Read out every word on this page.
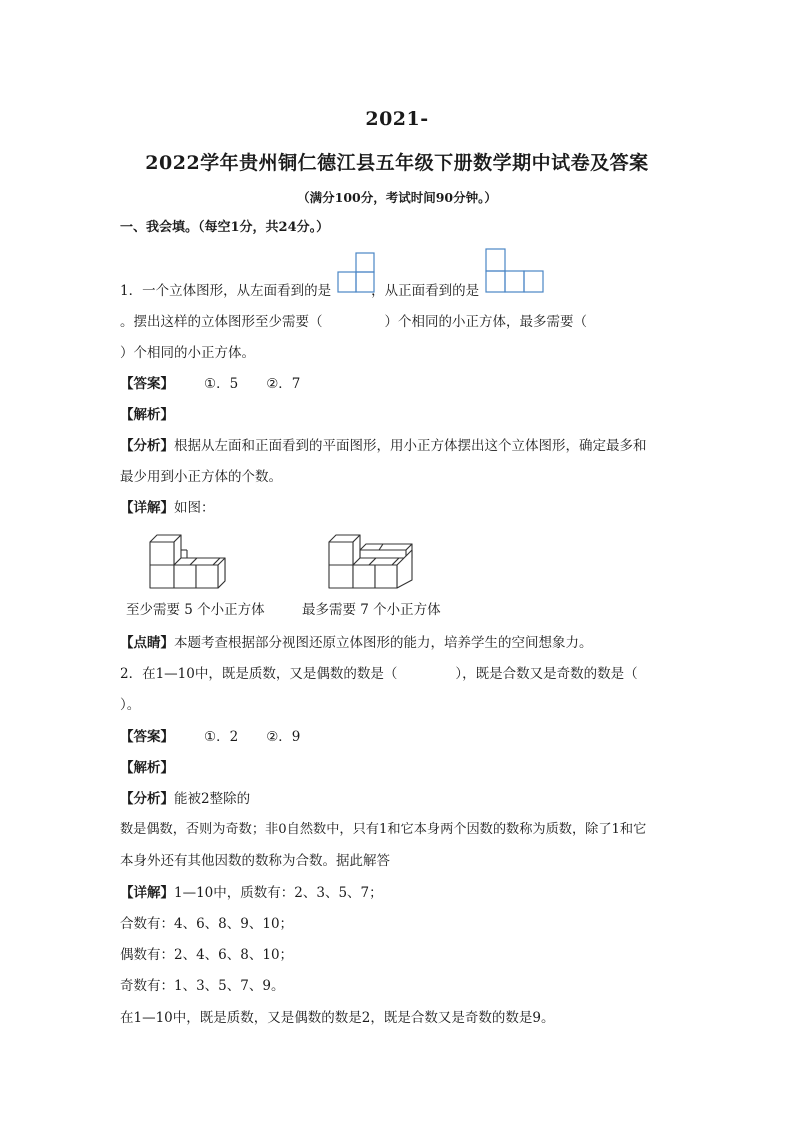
2021-
2022学年贵州铜仁德江县五年级下册数学期中试卷及答案
（满分100分，考试时间90分钟。）
一、我会填。（每空1分，共24分。）
1．一个立体图形，从左面看到的是	，从正面看到的是
。摆出这样的立体图形至少需要（	）个相同的小正方体，最多需要（
）个相同的小正方体。
【答案】 ①．5 ②．7
【解析】
【分析】根据从左面和正面看到的平面图形，用小正方体摆出这个立体图形，确定最多和
最少用到小正方体的个数。
【详解】如图：
至少需要 5 个小正方体	最多需要 7 个小正方体
【点睛】本题考查根据部分视图还原立体图形的能力，培养学生的空间想象力。
2．在1—10中，既是质数，又是偶数的数是（	），既是合数又是奇数的数是（
）。
【答案】 ①．2 ②．9
【解析】
【分析】能被2整除的
数是偶数，否则为奇数；非0自然数中，只有1和它本身两个因数的数称为质数，除了1和它
本身外还有其他因数的数称为合数。据此解答
【详解】1—10中，质数有：2、3、5、7；
合数有：4、6、8、9、10；
偶数有：2、4、6、8、10；
奇数有：1、3、5、7、9。
在1—10中，既是质数，又是偶数的数是2，既是合数又是奇数的数是9。
